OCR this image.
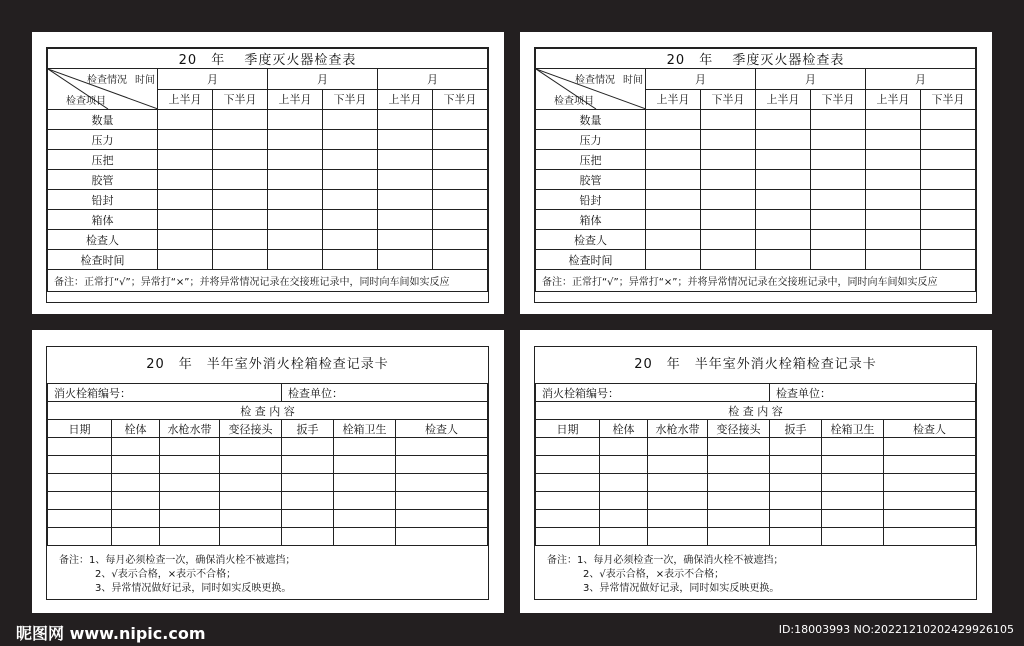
20　年　 季度灭火器检查表						

检查情况 时间
检查项目	月		月		月	
	上半月	下半月	上半月	下半月	上半月	下半月
数量						
压力						
压把						
胶管						
铅封						
箱体						
检查人						
检查时间						
备注：正常打“√”；异常打“×”；并将异常情况记录在交接班记录中，同时向车间如实反应						
20　年　 季度灭火器检查表						

检查情况 时间
检查项目	月		月		月	
	上半月	下半月	上半月	下半月	上半月	下半月
数量						
压力						
压把						
胶管						
铅封						
箱体						
检查人						
检查时间						
备注：正常打“√”；异常打“×”；并将异常情况记录在交接班记录中，同时向车间如实反应						
20　年　半年室外消火栓箱检查记录卡
消火栓箱编号：				检查单位：		
检 查 内 容						
日期	栓体	水枪水带	变径接头	扳手	栓箱卫生	检查人

备注：1、每月必须检查一次，确保消火栓不被遮挡；
2、√表示合格，×表示不合格；
3、异常情况做好记录，同时如实反映更换。
20　年　半年室外消火栓箱检查记录卡
消火栓箱编号：				检查单位：		
检 查 内 容						
日期	栓体	水枪水带	变径接头	扳手	栓箱卫生	检查人

备注：1、每月必须检查一次，确保消火栓不被遮挡；
2、√表示合格，×表示不合格；
3、异常情况做好记录，同时如实反映更换。
昵图网 www.nipic.com	ID:18003993 NO:20221210202429926105
